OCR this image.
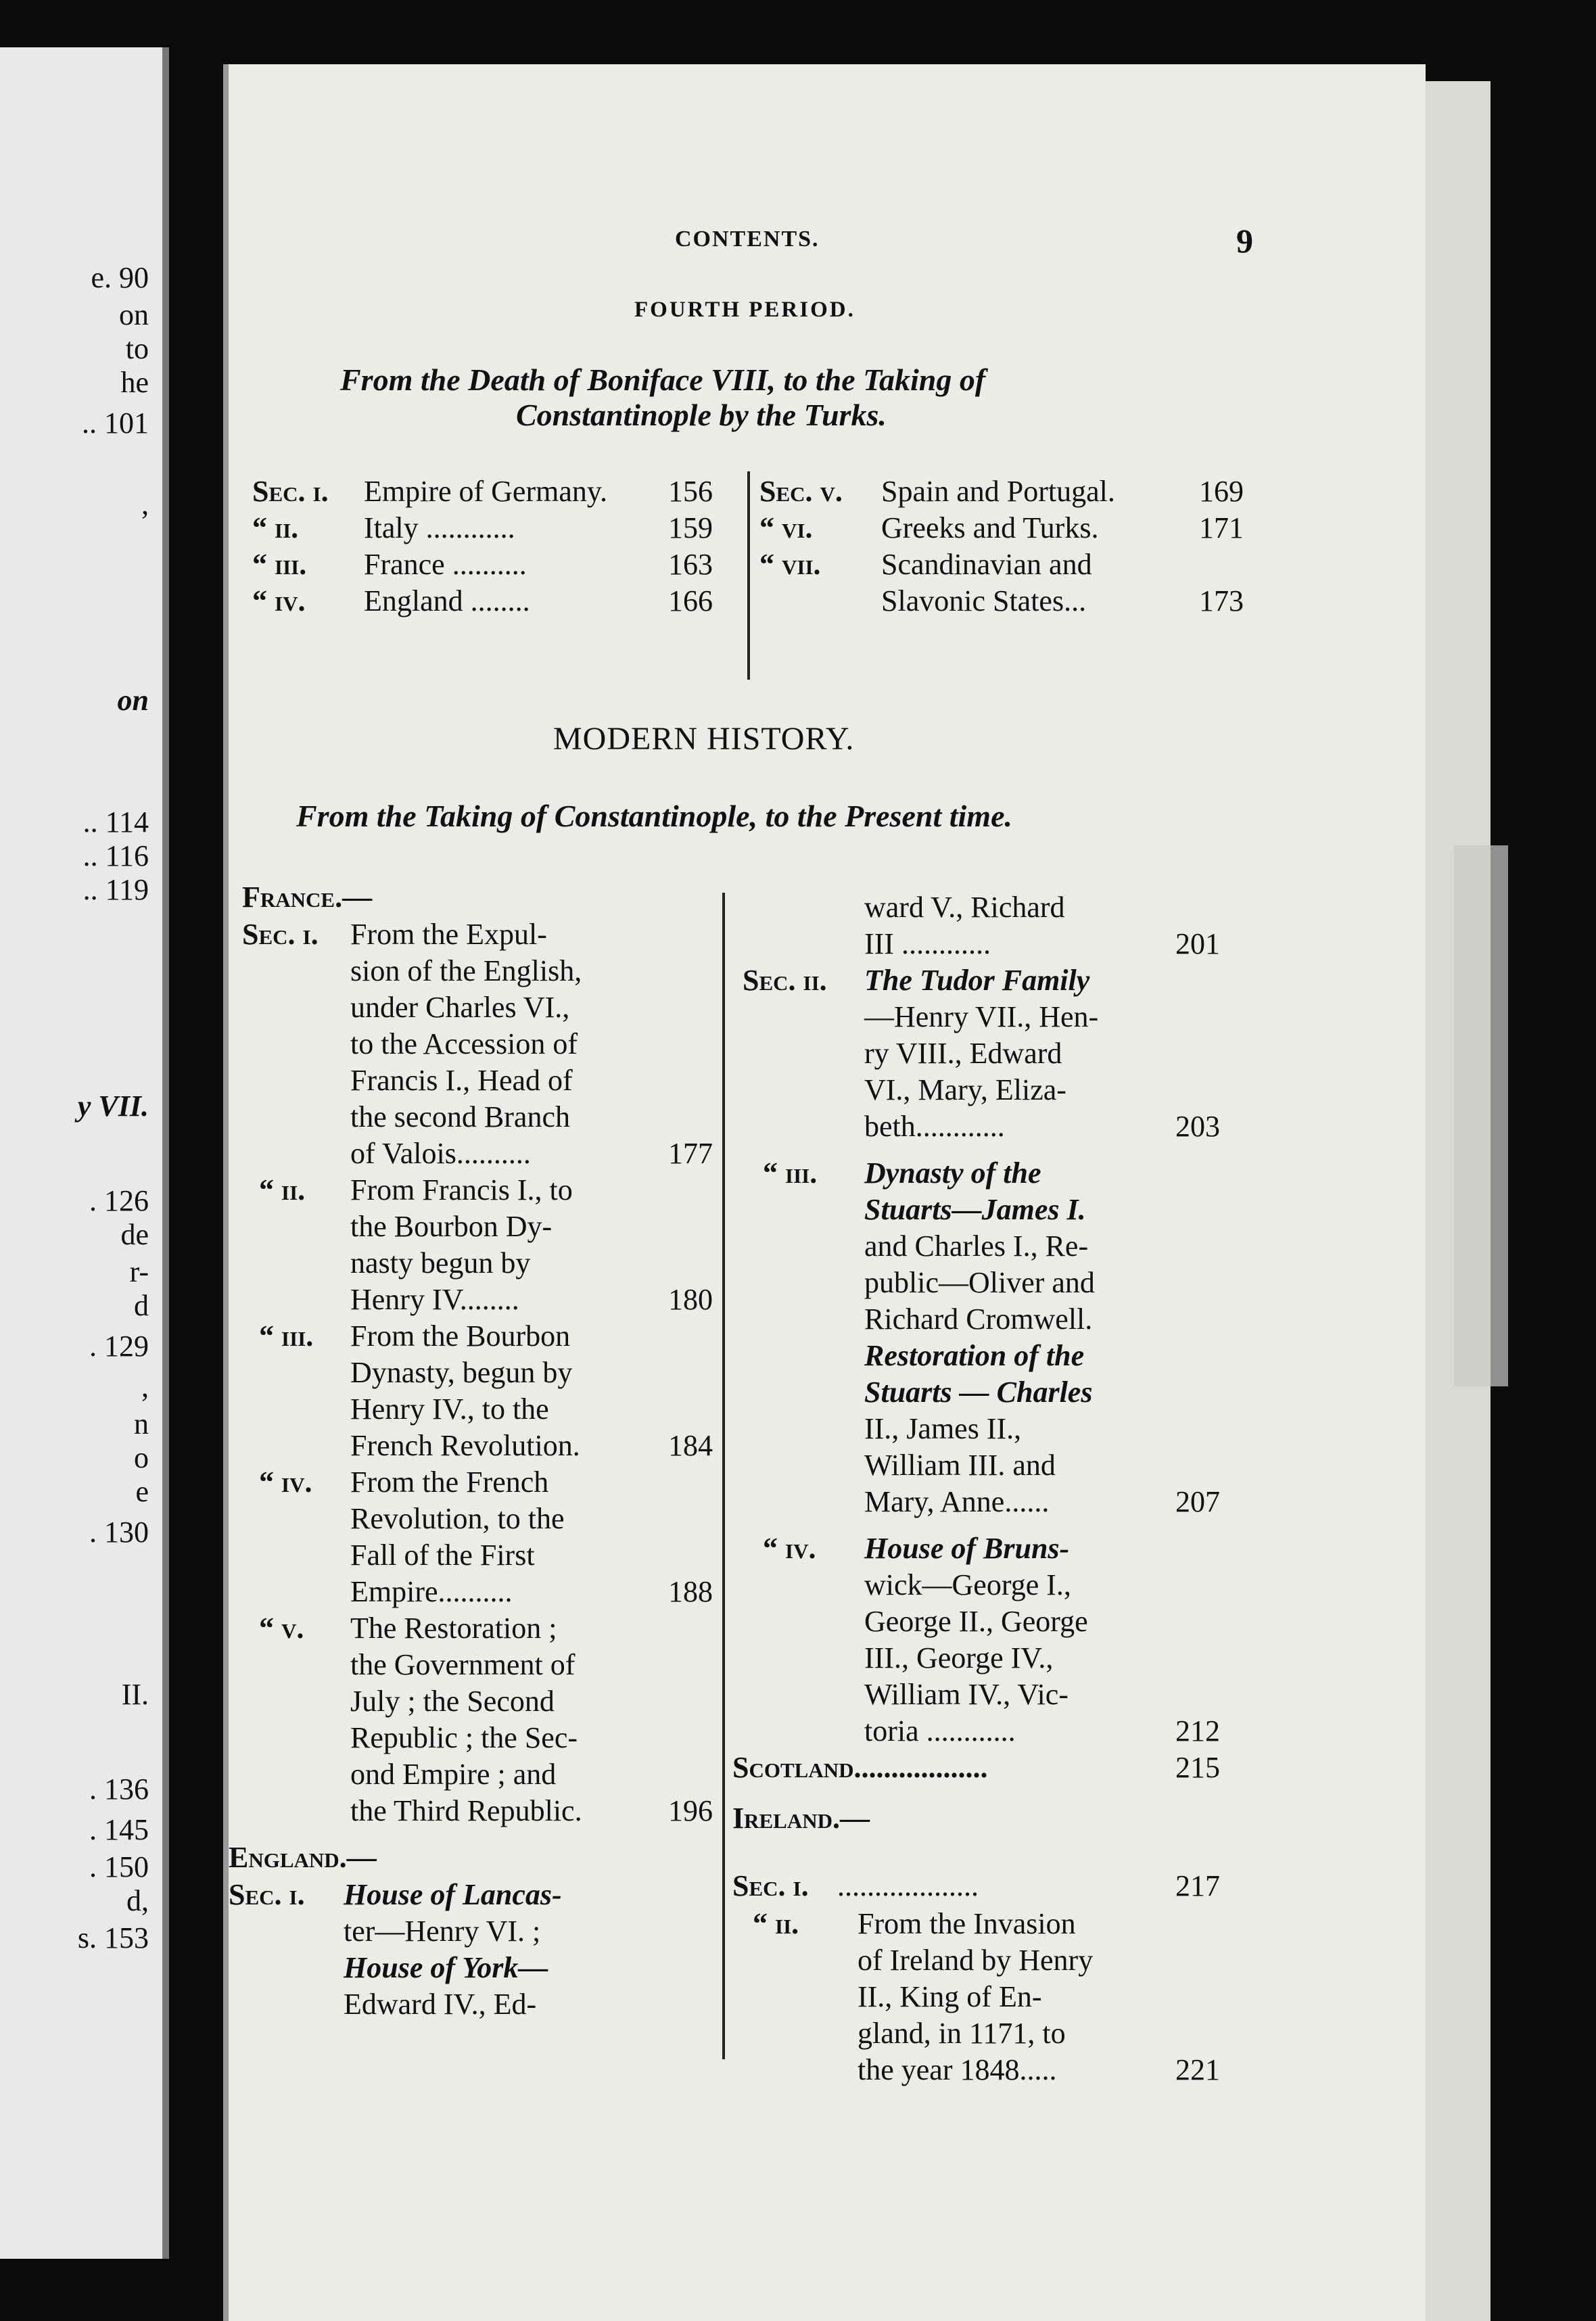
e. 90
on
to
he
.. 101
,
on
.. 114
.. 116
.. 119
y VII.
. 126
de
r-
d
. 129
,
n
o
e
. 130
II.
. 136
. 145
. 150
d,
s. 153
CONTENTS.	9
FOURTH PERIOD.
From the Death of Boniface VIII, to the Taking of
Constantinople by the Turks.
MODERN HISTORY.
From the Taking of Constantinople, to the Present time.
Sec. i. Empire of Germany. 156
“ ii. Italy ............	159
“ iii. France ..........	163
“ iv. England ........	166
Sec. v. Spain and Portugal.	169
“ vi. Greeks and Turks.	171
“ vii. Scandinavian and
Slavonic States...	173
France.—
Sec. i. From the Expul-
sion of the English,
under Charles VI.,
to the Accession of
Francis I., Head of
the second Branch
of Valois..........	177
“ ii. From Francis I., to
the Bourbon Dy-
nasty begun by
Henry IV........	180
“ iii. From the Bourbon
Dynasty, begun by
Henry IV., to the
French Revolution.	184
“ iv. From the French
Revolution, to the
Fall of the First
Empire..........	188
“ v. The Restoration ;
the Government of
July ; the Second
Republic ; the Sec-
ond Empire ; and
the Third Republic.	196
England.—
Sec. i. House of Lancas-
ter—Henry VI. ;
House of York—
Edward IV., Ed-
ward V., Richard
III ............	201
Sec. ii. The Tudor Family
—Henry VII., Hen-
ry VIII., Edward
VI., Mary, Eliza-
beth............	203
“ iii. Dynasty of the
Stuarts—James I.
and Charles I., Re-
public—Oliver and
Richard Cromwell.
Restoration of the
Stuarts — Charles
II., James II.,
William III. and
Mary, Anne......	207
“ iv. House of Bruns-
wick—George I.,
George II., George
III., George IV.,
William IV., Vic-
toria ............	212
Scotland..................	215
Ireland.—
Sec. i. ...................	217
“ ii. From the Invasion
of Ireland by Henry
II., King of En-
gland, in 1171, to
the year 1848.....	221
